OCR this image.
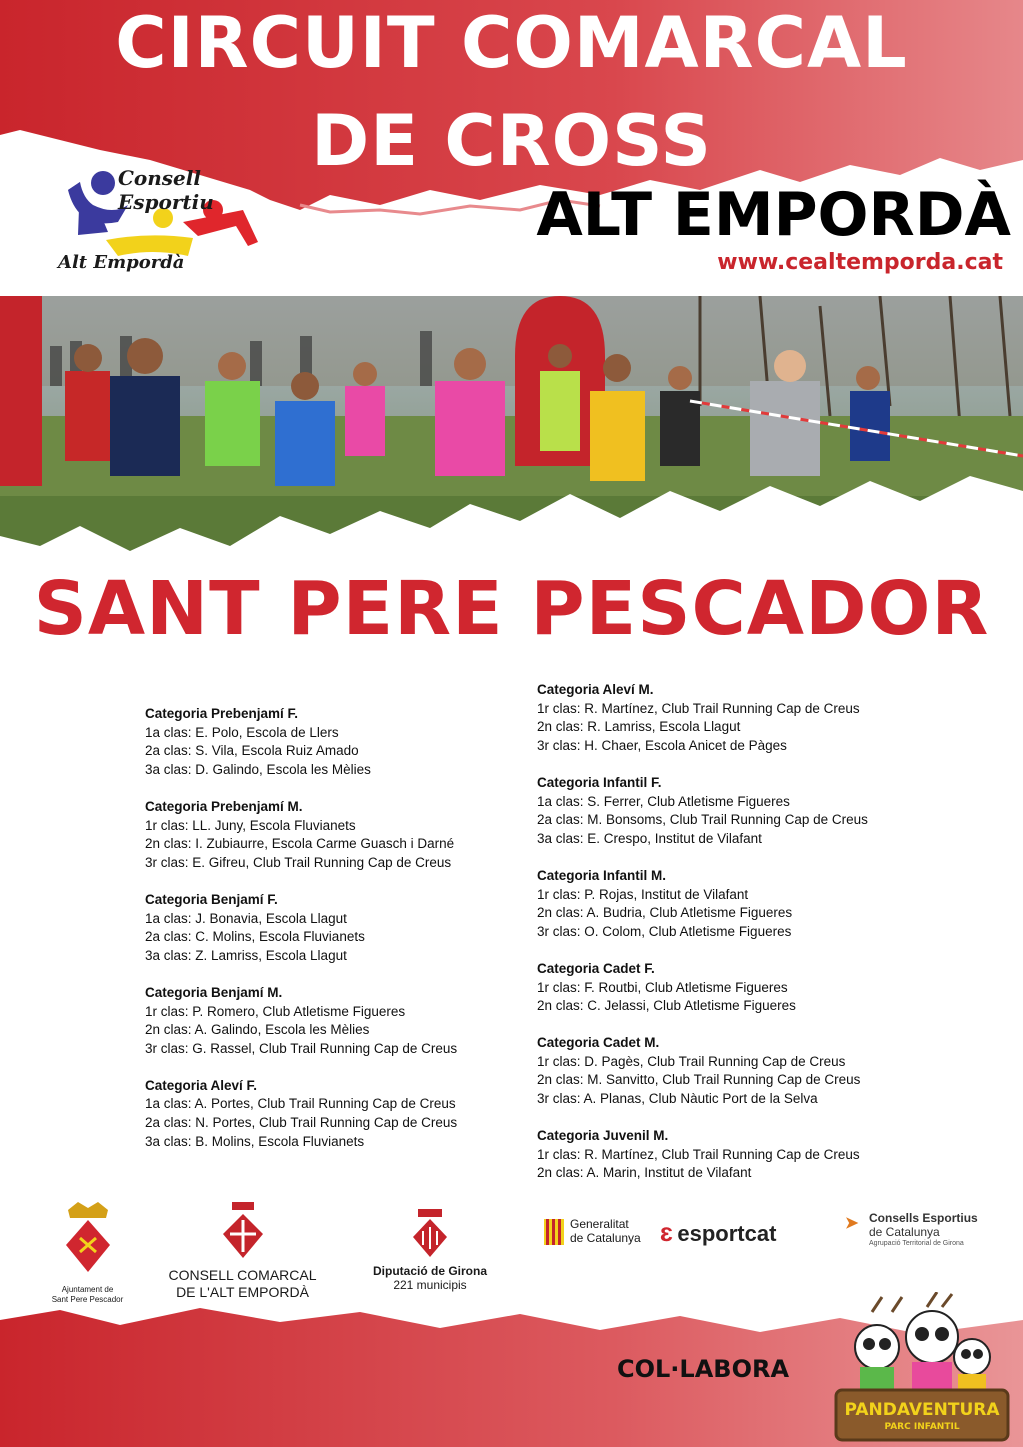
CIRCUIT COMARCAL
DE CROSS
Consell Esportiu
Alt Empordà
ALT EMPORDÀ
www.cealtemporda.cat
SANT PERE PESCADOR
Categoria Prebenjamí F.
1a clas: E. Polo, Escola de Llers
2a clas: S. Vila, Escola Ruiz Amado
3a clas: D. Galindo, Escola les Mèlies
Categoria Prebenjamí M.
1r clas: LL. Juny, Escola Fluvianets
2n clas: I. Zubiaurre, Escola Carme Guasch i Darné
3r clas: E. Gifreu, Club Trail Running Cap de Creus
Categoria Benjamí F.
1a clas: J. Bonavia, Escola Llagut
2a clas: C. Molins, Escola Fluvianets
3a clas: Z. Lamriss, Escola Llagut
Categoria Benjamí M.
1r clas: P. Romero, Club Atletisme Figueres
2n clas: A. Galindo, Escola les Mèlies
3r clas: G. Rassel, Club Trail Running Cap de Creus
Categoria Aleví F.
1a clas: A. Portes, Club Trail Running Cap de Creus
2a clas: N. Portes, Club Trail Running Cap de Creus
3a clas: B. Molins, Escola Fluvianets
Categoria Aleví M.
1r clas: R. Martínez, Club Trail Running Cap de Creus
2n clas: R. Lamriss, Escola Llagut
3r clas: H. Chaer, Escola Anicet de Pàges
Categoria Infantil F.
1a clas: S. Ferrer, Club Atletisme Figueres
2a clas: M. Bonsoms, Club Trail Running Cap de Creus
3a clas: E. Crespo, Institut de Vilafant
Categoria Infantil M.
1r clas: P. Rojas, Institut de Vilafant
2n clas: A. Budria, Club Atletisme Figueres
3r clas: O. Colom, Club Atletisme Figueres
Categoria Cadet F.
1r clas: F. Routbi, Club Atletisme Figueres
2n clas: C. Jelassi, Club Atletisme Figueres
Categoria Cadet M.
1r clas: D. Pagès, Club Trail Running Cap de Creus
2n clas: M. Sanvitto, Club Trail Running Cap de Creus
3r clas: A. Planas, Club Nàutic Port de la Selva
Categoria Juvenil M.
1r clas: R. Martínez, Club Trail Running Cap de Creus
2n clas: A. Marin, Institut de Vilafant
Ajuntament de
Sant Pere Pescador
CONSELL COMARCAL
DE L'ALT EMPORDÀ
Diputació de Girona
221 municipis
Generalitat
de Catalunya ɛ esportcat	➤ Consells Esportius
de Catalunya
Agrupació Territorial de Girona
COL·LABORA
PANDAVENTURA
PARC INFANTIL
